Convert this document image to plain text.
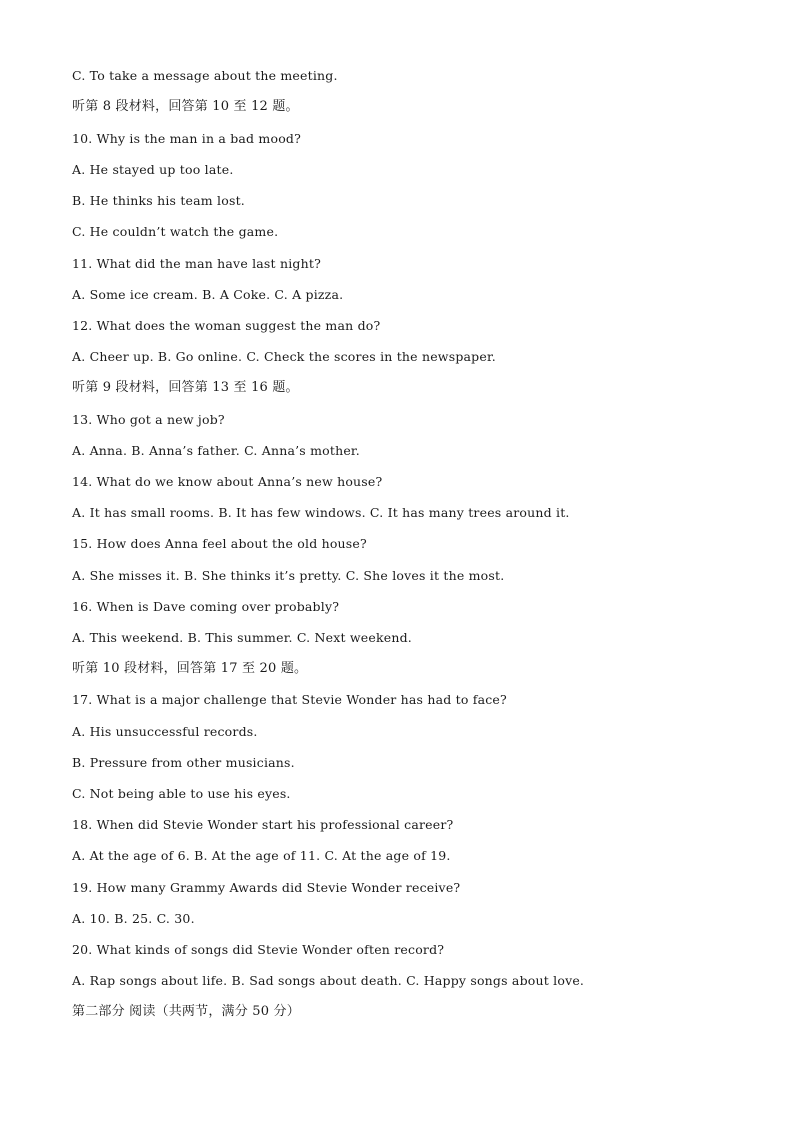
C. To take a message about the meeting.
听第 8 段材料，回答第 10 至 12 题。
10. Why is the man in a bad mood?
A. He stayed up too late.
B. He thinks his team lost.
C. He couldn’t watch the game.
11. What did the man have last night?
A. Some ice cream. B. A Coke. C. A pizza.
12. What does the woman suggest the man do?
A. Cheer up. B. Go online. C. Check the scores in the newspaper.
听第 9 段材料，回答第 13 至 16 题。
13. Who got a new job?
A. Anna. B. Anna’s father. C. Anna’s mother.
14. What do we know about Anna’s new house?
A. It has small rooms. B. It has few windows. C. It has many trees around it.
15. How does Anna feel about the old house?
A. She misses it. B. She thinks it’s pretty. C. She loves it the most.
16. When is Dave coming over probably?
A. This weekend. B. This summer. C. Next weekend.
听第 10 段材料，回答第 17 至 20 题。
17. What is a major challenge that Stevie Wonder has had to face?
A. His unsuccessful records.
B. Pressure from other musicians.
C. Not being able to use his eyes.
18. When did Stevie Wonder start his professional career?
A. At the age of 6. B. At the age of 11. C. At the age of 19.
19. How many Grammy Awards did Stevie Wonder receive?
A. 10. B. 25. C. 30.
20. What kinds of songs did Stevie Wonder often record?
A. Rap songs about life. B. Sad songs about death. C. Happy songs about love.
第二部分 阅读（共两节，满分 50 分）
